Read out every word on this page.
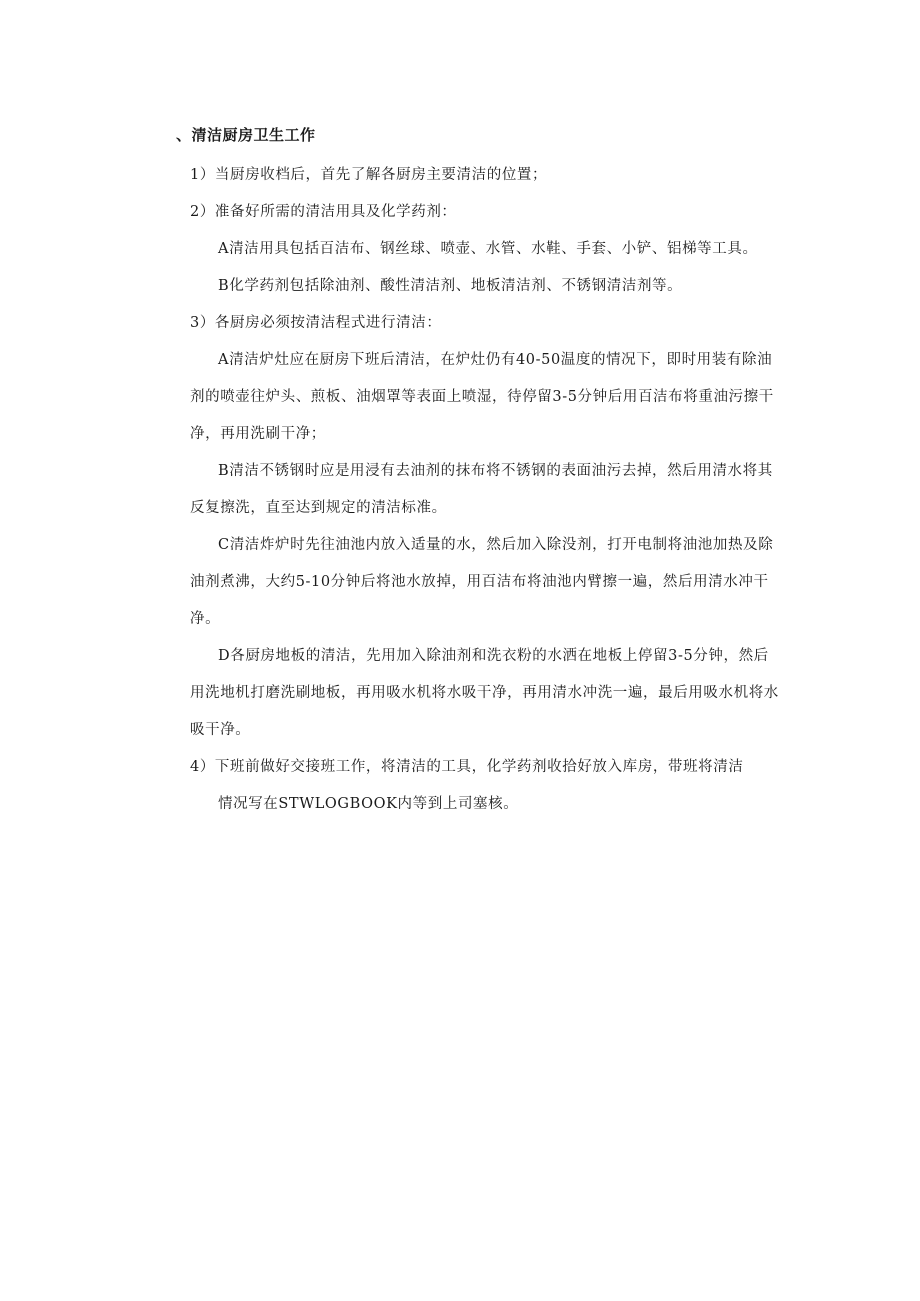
、清洁厨房卫生工作
1）当厨房收档后，首先了解各厨房主要清洁的位置；
2）准备好所需的清洁用具及化学药剂：
A清洁用具包括百洁布、钢丝球、喷壶、水管、水鞋、手套、小铲、铝梯等工具。
B化学药剂包括除油剂、酸性清洁剂、地板清洁剂、不锈钢清洁剂等。
3）各厨房必须按清洁程式进行清洁：
A清洁炉灶应在厨房下班后清洁，在炉灶仍有40-50温度的情况下，即时用装有除油
剂的喷壶往炉头、煎板、油烟罩等表面上喷湿，待停留3-5分钟后用百洁布将重油污擦干
净，再用洗刷干净；
B清洁不锈钢时应是用浸有去油剂的抹布将不锈钢的表面油污去掉，然后用清水将其
反复擦洗，直至达到规定的清洁标准。
C清洁炸炉时先往油池内放入适量的水，然后加入除没剂，打开电制将油池加热及除
油剂煮沸，大约5-10分钟后将池水放掉，用百洁布将油池内臂擦一遍，然后用清水冲干
净。
D各厨房地板的清洁，先用加入除油剂和洗衣粉的水洒在地板上停留3-5分钟，然后
用洗地机打磨洗刷地板，再用吸水机将水吸干净，再用清水冲洗一遍，最后用吸水机将水
吸干净。
4）下班前做好交接班工作，将清洁的工具，化学药剂收拾好放入库房，带班将清洁
情况写在STWLOGBOOK内等到上司塞核。
